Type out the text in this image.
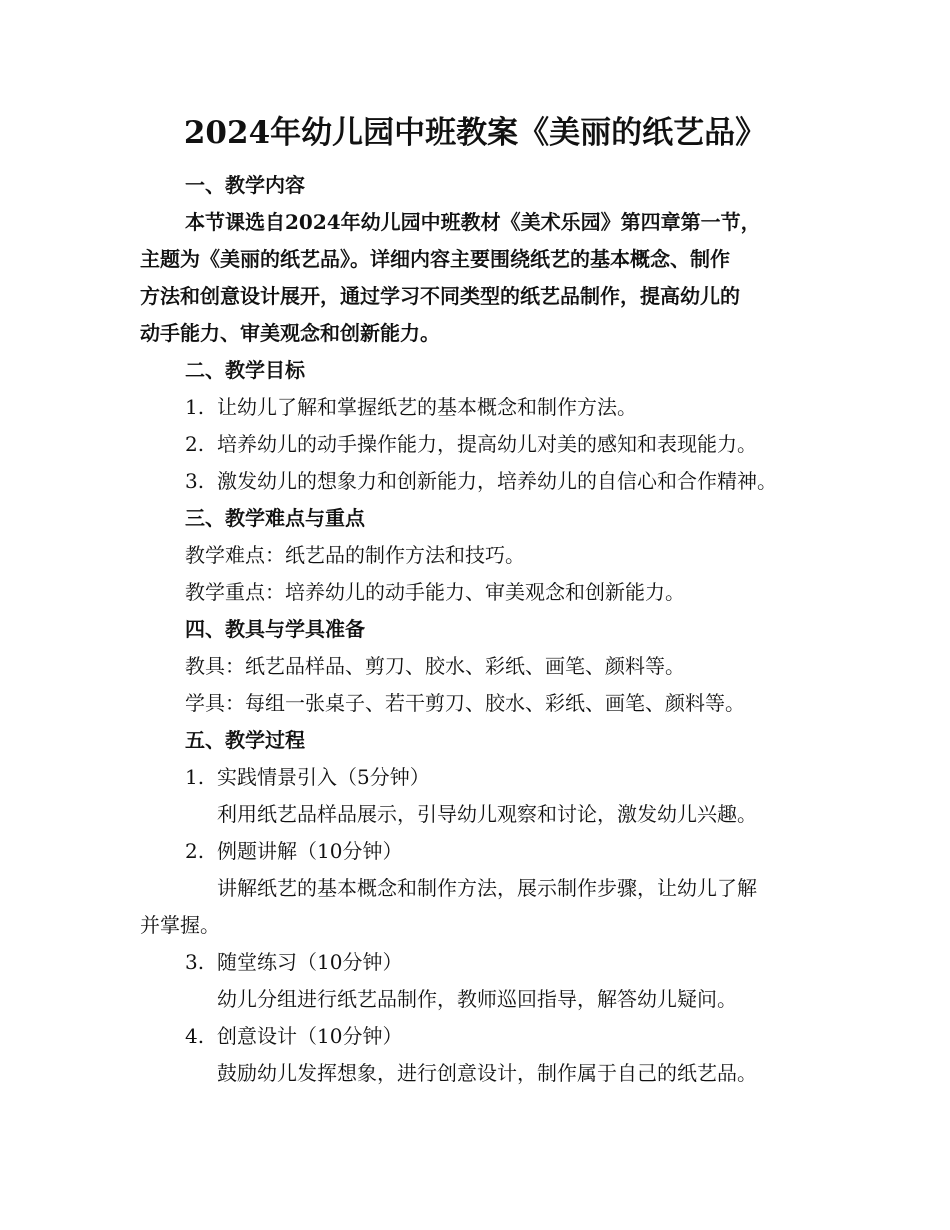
2024年幼儿园中班教案《美丽的纸艺品》
一、教学内容
本节课选自2024年幼儿园中班教材《美术乐园》第四章第一节，
主题为《美丽的纸艺品》。详细内容主要围绕纸艺的基本概念、制作
方法和创意设计展开，通过学习不同类型的纸艺品制作，提高幼儿的
动手能力、审美观念和创新能力。
二、教学目标
1. 让幼儿了解和掌握纸艺的基本概念和制作方法。
2. 培养幼儿的动手操作能力，提高幼儿对美的感知和表现能力。
3. 激发幼儿的想象力和创新能力，培养幼儿的自信心和合作精神。
三、教学难点与重点
教学难点：纸艺品的制作方法和技巧。
教学重点：培养幼儿的动手能力、审美观念和创新能力。
四、教具与学具准备
教具：纸艺品样品、剪刀、胶水、彩纸、画笔、颜料等。
学具：每组一张桌子、若干剪刀、胶水、彩纸、画笔、颜料等。
五、教学过程
1. 实践情景引入（5分钟）
利用纸艺品样品展示，引导幼儿观察和讨论，激发幼儿兴趣。
2. 例题讲解（10分钟）
讲解纸艺的基本概念和制作方法，展示制作步骤，让幼儿了解
并掌握。
3. 随堂练习（10分钟）
幼儿分组进行纸艺品制作，教师巡回指导，解答幼儿疑问。
4. 创意设计（10分钟）
鼓励幼儿发挥想象，进行创意设计，制作属于自己的纸艺品。
